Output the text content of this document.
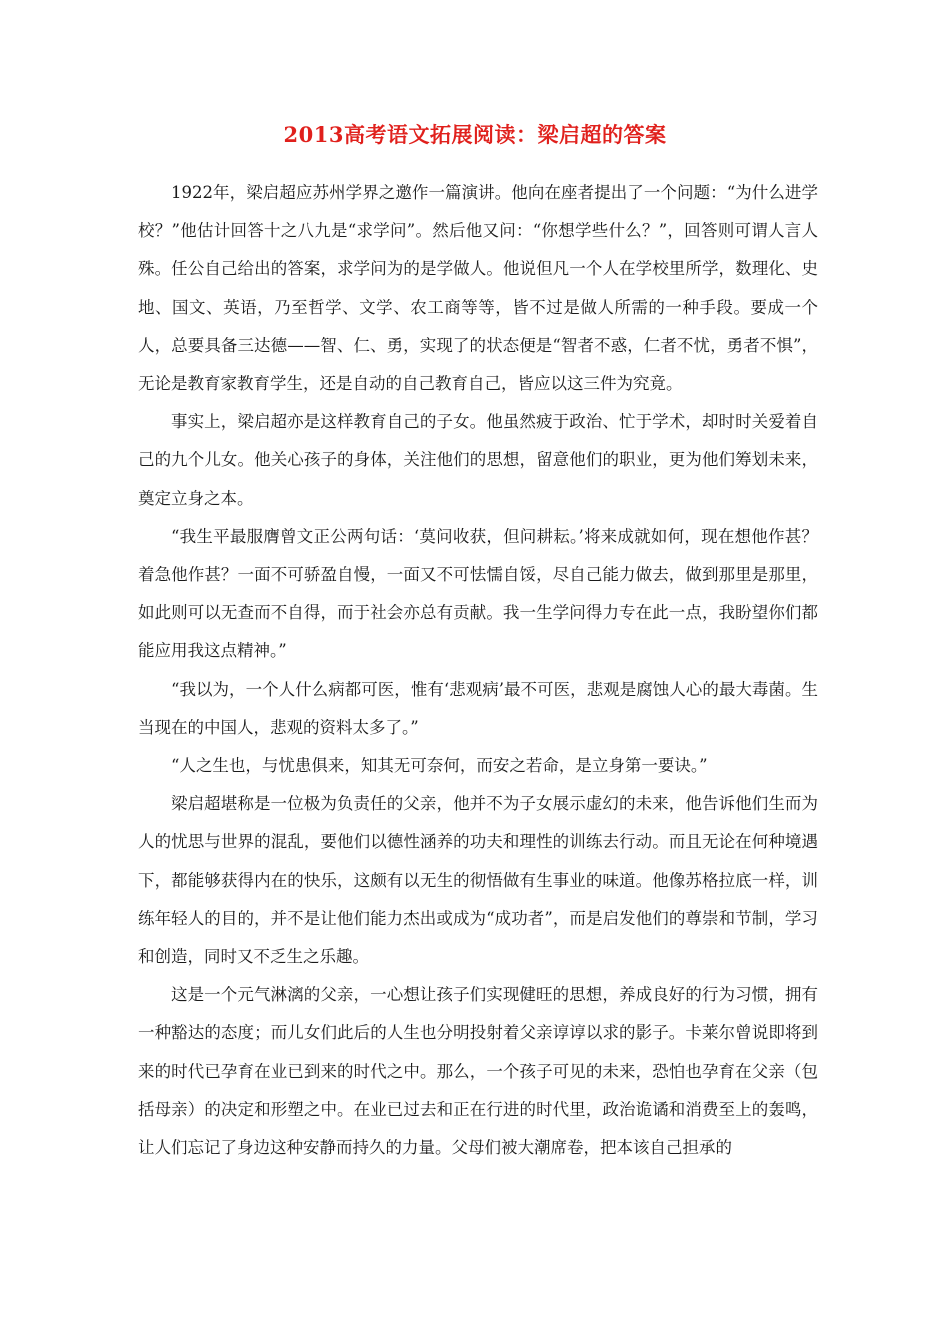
2013高考语文拓展阅读：梁启超的答案

1922年，梁启超应苏州学界之邀作一篇演讲。他向在座者提出了一个问题：“为什么进学校？”他估计回答十之八九是“求学问”。然后他又问：“你想学些什么？”，回答则可谓人言人殊。任公自己给出的答案，求学问为的是学做人。他说但凡一个人在学校里所学，数理化、史地、国文、英语，乃至哲学、文学、农工商等等，皆不过是做人所需的一种手段。要成一个人，总要具备三达德——智、仁、勇，实现了的状态便是“智者不惑，仁者不忧，勇者不惧”，无论是教育家教育学生，还是自动的自己教育自己，皆应以这三件为究竟。

事实上，梁启超亦是这样教育自己的子女。他虽然疲于政治、忙于学术，却时时关爱着自己的九个儿女。他关心孩子的身体，关注他们的思想，留意他们的职业，更为他们筹划未来，奠定立身之本。

“我生平最服膺曾文正公两句话：‘莫问收获，但问耕耘。’将来成就如何，现在想他作甚？着急他作甚？一面不可骄盈自慢，一面又不可怯懦自馁，尽自己能力做去，做到那里是那里，如此则可以无查而不自得，而于社会亦总有贡献。我一生学问得力专在此一点，我盼望你们都能应用我这点精神。”

“我以为，一个人什么病都可医，惟有‘悲观病’最不可医，悲观是腐蚀人心的最大毒菌。生当现在的中国人，悲观的资料太多了。”

“人之生也，与忧患俱来，知其无可奈何，而安之若命，是立身第一要诀。”

梁启超堪称是一位极为负责任的父亲，他并不为子女展示虚幻的未来，他告诉他们生而为人的忧思与世界的混乱，要他们以德性涵养的功夫和理性的训练去行动。而且无论在何种境遇下，都能够获得内在的快乐，这颇有以无生的彻悟做有生事业的味道。他像苏格拉底一样，训练年轻人的目的，并不是让他们能力杰出或成为“成功者”，而是启发他们的尊崇和节制，学习和创造，同时又不乏生之乐趣。

这是一个元气淋漓的父亲，一心想让孩子们实现健旺的思想，养成良好的行为习惯，拥有一种豁达的态度；而儿女们此后的人生也分明投射着父亲谆谆以求的影子。卡莱尔曾说即将到来的时代已孕育在业已到来的时代之中。那么，一个孩子可见的未来，恐怕也孕育在父亲（包括母亲）的决定和形塑之中。在业已过去和正在行进的时代里，政治诡谲和消费至上的轰鸣，让人们忘记了身边这种安静而持久的力量。父母们被大潮席卷，把本该自己担承的
